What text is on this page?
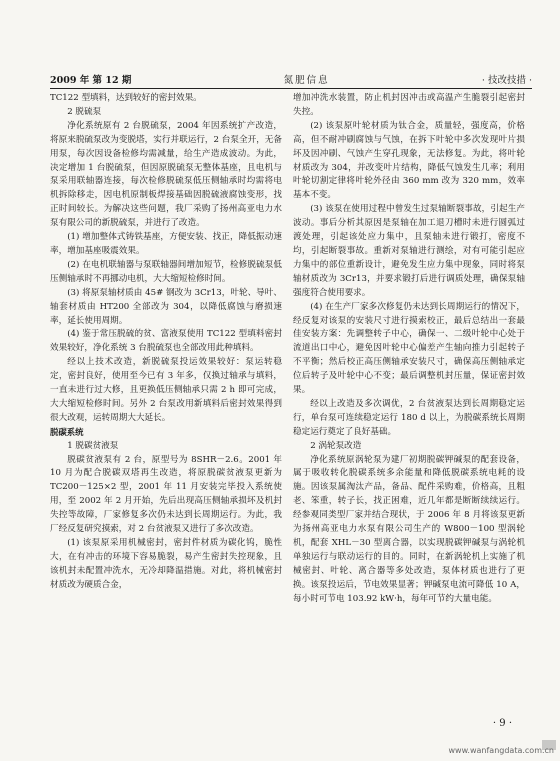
2009 年 第 12 期	氮肥信息	· 技改技措 ·

TC122 型填料，达到较好的密封效果。

2 脱硫泵

净化系统原有 2 台脱硫泵，2004 年因系统扩产改造，将原来脱硫泵改为变脱塔，实行并联运行，2 台泵全开，无备用泵，每次因设备检修均需减量，给生产造成波动。为此，决定增加 1 台脱硫泵，但因原脱硫泵无整体基座，且电机与泵采用联轴器连接，每次检修脱硫泵低压侧轴承时均需将电机拆除移走，因电机原制板焊接基础因脱硫液腐蚀变形，找正时间较长。为解决这些问题，我厂采购了扬州高亚电力水泵有限公司的新脱硫泵，并进行了改造。

(1) 增加整体式铸铁基座，方便安装、找正，降低振动速率，增加基座吸震效果。

(2) 在电机联轴器与泵联轴器间增加短节，检修脱硫泵低压侧轴承时不再挪动电机，大大缩短检修时间。

(3) 将原泵轴材质由 45# 钢改为 3Cr13，叶轮、导叶、轴套材质由 HT200 全部改为 304，以降低腐蚀与磨损速率，延长使用周期。

(4) 鉴于常压脱硫的贫、富液泵使用 TC122 型填料密封效果较好，净化系统 3 台脱硫泵也全部改用此种填料。

经以上技术改造，新脱硫泵投运效果较好：泵运转稳定，密封良好，使用至今已有 3 年多，仅换过轴承与填料，一直未进行过大修，且更换低压侧轴承只需 2 h 即可完成，大大缩短检修时间。另外 2 台泵改用新填料后密封效果得到很大改观，运转周期大大延长。

脱碳系统

1 脱碳贫液泵

脱碳贫液泵有 2 台，原型号为 8SHR－2.6。2001 年 10 月为配合脱碳双塔再生改造，将原脱碳贫液泵更新为 TC200－125×2 型，2001 年 11 月安装完毕投入系统使用，至 2002 年 2 月开始，先后出现高压侧轴承损坏及机封失控等故障，厂家修复多次仍未达到长周期运行。为此，我厂经反复研究摸索，对 2 台贫液泵又进行了多次改造。

(1) 该泵原采用机械密封，密封件材质为碳化钨，脆性大，在有冲击的环境下容易脆裂，易产生密封失控现象，且该机封未配置冲洗水，无冷却降温措施。对此，将机械密封材质改为硬质合金，

增加冲洗水装置，防止机封因冲击或高温产生脆裂引起密封失控。

(2) 该泵原叶轮材质为钛合金，质量轻，强度高，价格高，但不耐冲刷腐蚀与气蚀，在拆下叶轮中多次发现叶片损坏及因冲刷、气蚀产生穿孔现象，无法修复。为此，将叶轮材质改为 304，并改变叶片结构，降低气蚀发生几率；利用叶轮切割定律将叶轮外径由 360 mm 改为 320 mm，效率基本不变。

(3) 该泵在使用过程中曾发生过泵轴断裂事故，引起生产波动。事后分析其原因是泵轴在加工退刀槽时未进行圆弧过渡处理，引起该处应力集中，且泵轴未进行锻打，密度不均，引起断裂事故。重新对泵轴进行测绘，对有可能引起应力集中的部位重新设计，避免发生应力集中现象，同时将泵轴材质改为 3Cr13，并要求锻打后进行调质处理，确保泵轴强度符合使用要求。

(4) 在生产厂家多次修复仍未达到长周期运行的情况下，经反复对该泵的安装尺寸进行摸索校正，最后总结出一套最佳安装方案：先调整转子中心，确保一、二级叶轮中心处于流道出口中心，避免因叶轮中心偏差产生轴向推力引起转子不平衡；然后校正高压侧轴承安装尺寸，确保高压侧轴承定位后转子及叶轮中心不变；最后调整机封压量，保证密封效果。

经以上改造及多次调优，2 台贫液泵达到长周期稳定运行，单台泵可连续稳定运行 180 d 以上，为脱碳系统长周期稳定运行奠定了良好基础。

2 涡轮泵改造

净化系统原涡轮泵为建厂初期脱碳钾碱泵的配套设备，属于吸收转化脱碳系统多余能量和降低脱碳系统电耗的设施。因该泵属淘汰产品，备品、配件采购难，价格高，且粗老、笨重，转子长，找正困难，近几年都是断断续续运行。经参观同类型厂家并结合现状，于 2006 年 8 月将该泵更新为扬州高亚电力水泵有限公司生产的 W800－100 型涡轮机，配套 XHL－30 型离合器，以实现脱碳钾碱泵与涡轮机单独运行与联动运行的目的。同时，在新涡轮机上实施了机械密封、叶轮、离合器等多处改造，泵体材质也进行了更换。该泵投运后，节电效果显著；钾碱泵电流可降低 10 A，每小时可节电 103.92 kW·h，每年可节约大量电能。

· 9 ·
www.wanfangdata.com.cn
